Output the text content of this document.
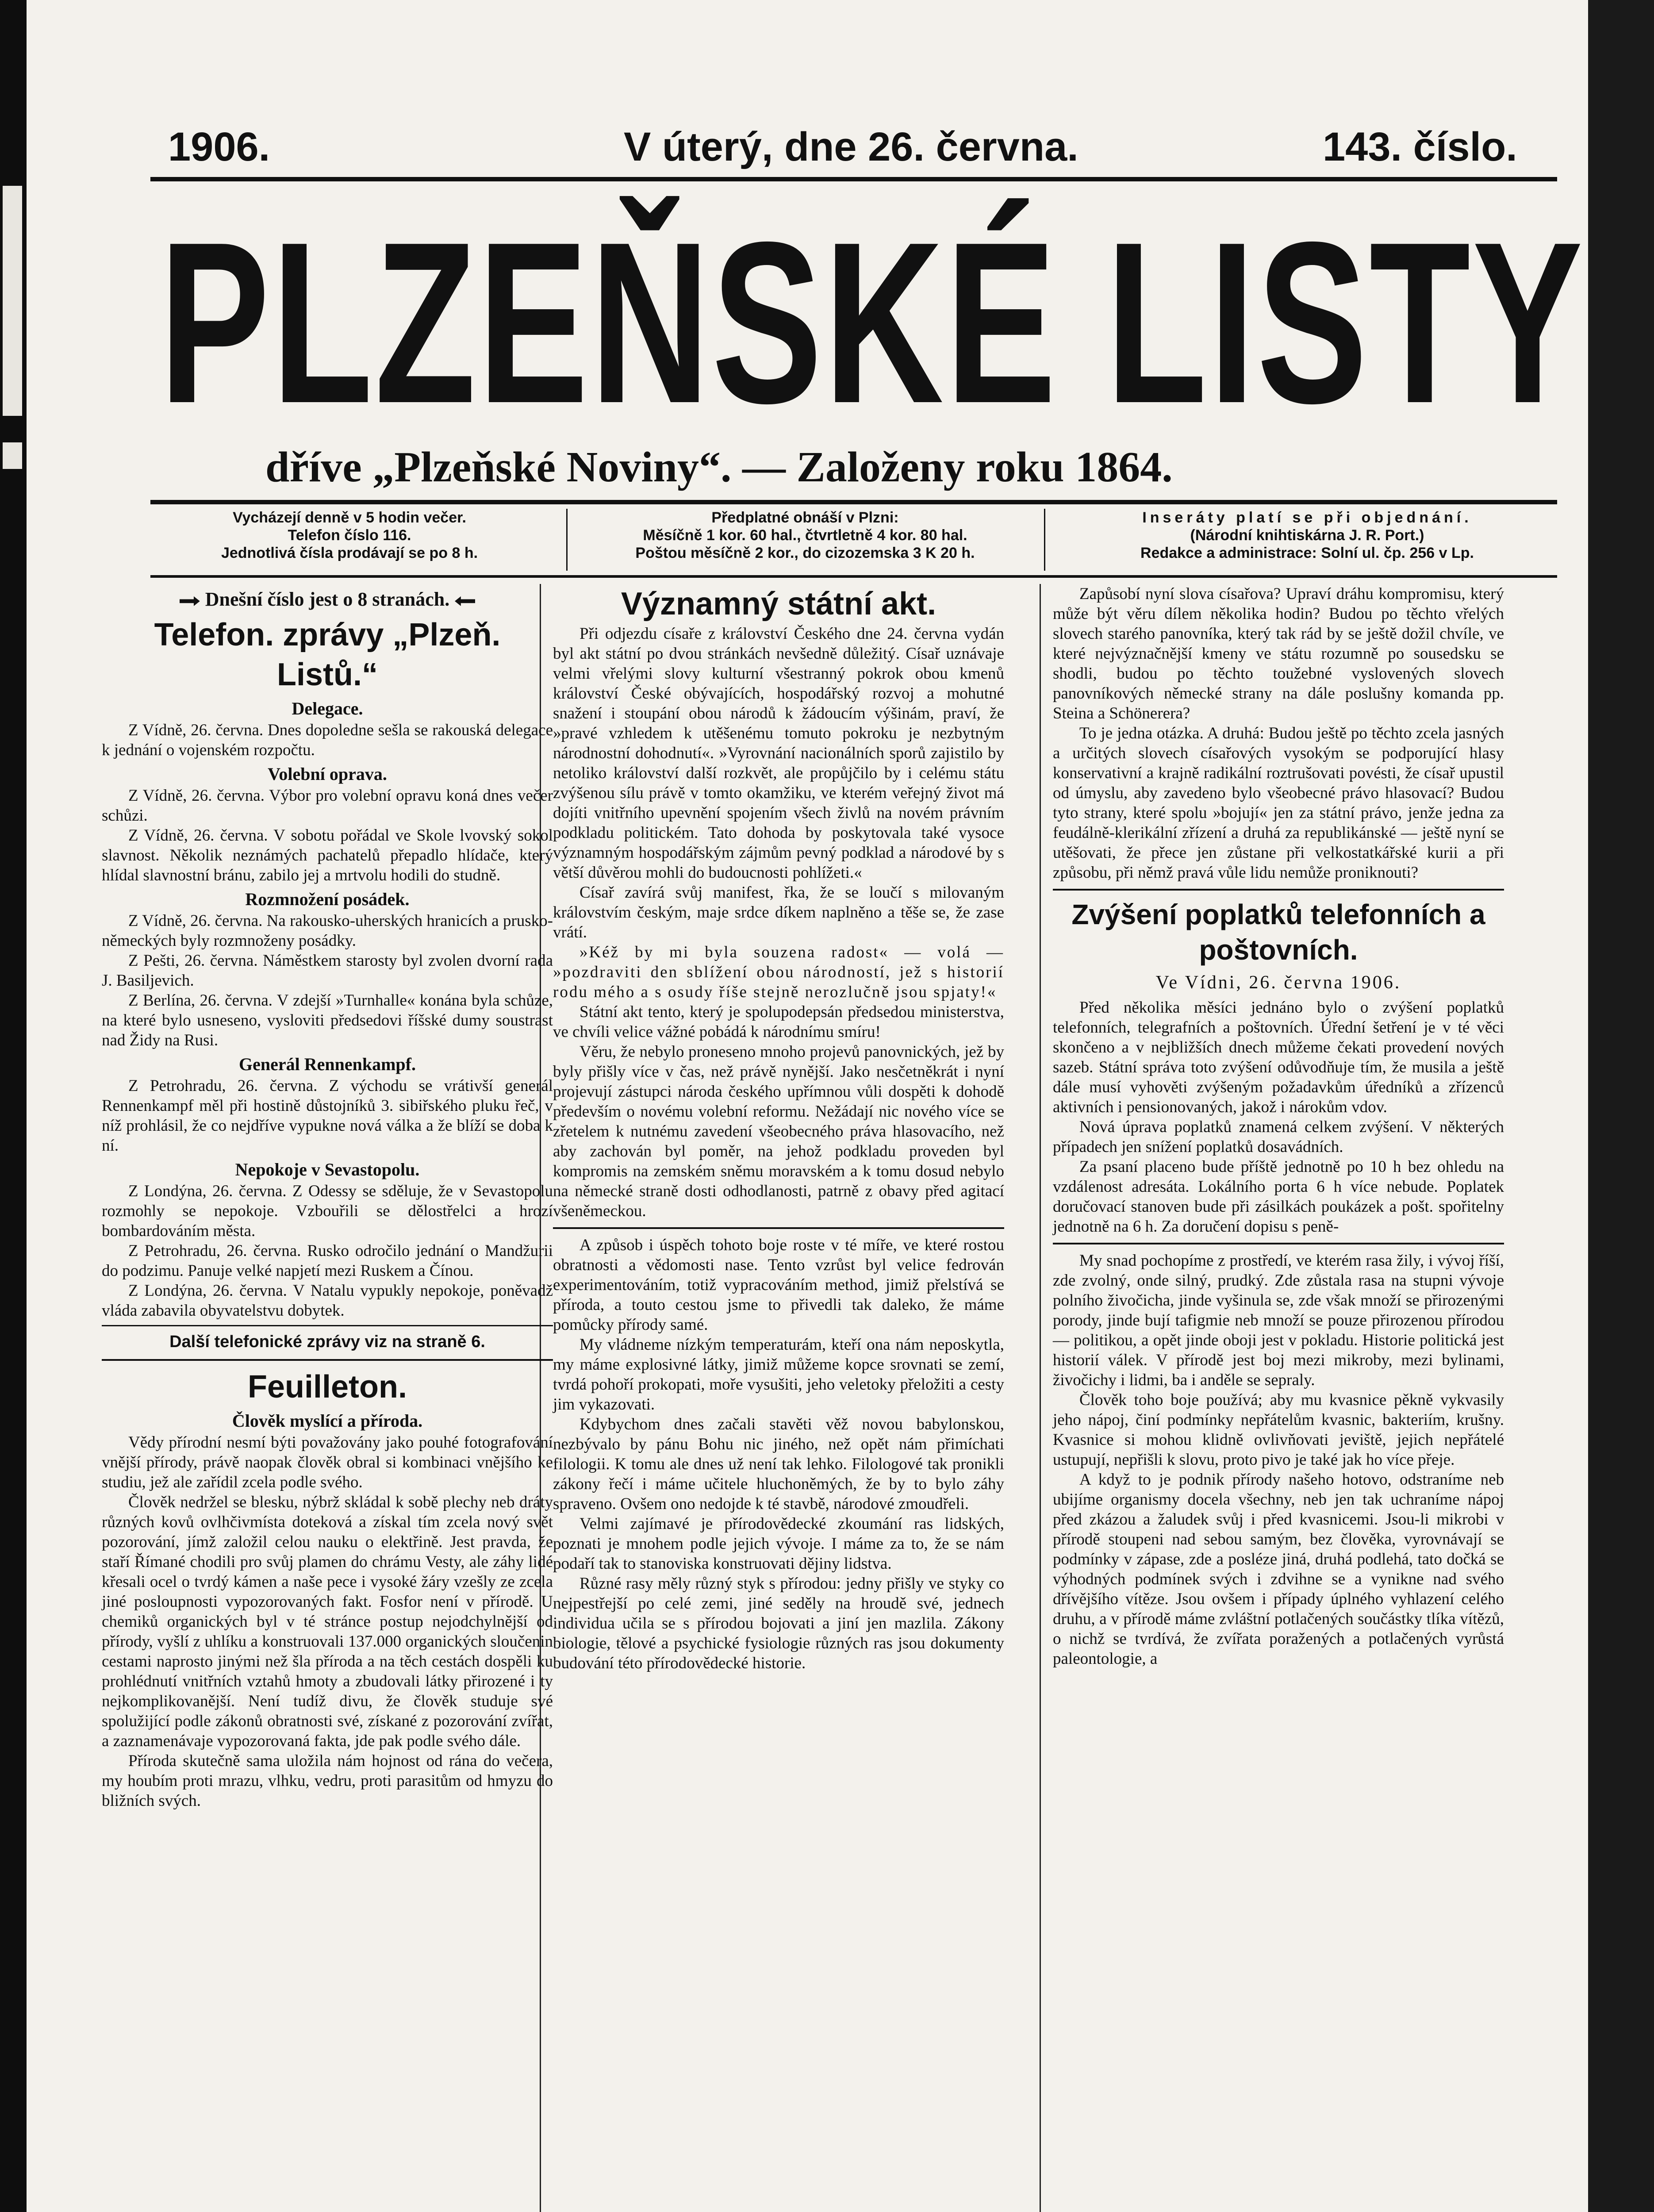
1906.	V úterý, dne 26. června.	143. číslo.
PLZEŇSKÉ LISTY
dříve „Plzeňské Noviny“. — Založeny roku 1864.
Vycházejí denně v 5 hodin večer.
Telefon číslo 116.
Jednotlivá čísla prodávají se po 8 h.
Předplatné obnáší v Plzni:
Měsíčně 1 kor. 60 hal., čtvrtletně 4 kor. 80 hal.
Poštou měsíčně 2 kor., do cizozemska 3 K 20 h.
Inseráty platí se při objednání.
(Národní knihtiskárna J. R. Port.)
Redakce a administrace: Solní ul. čp. 256 v Lp.
Dnešní číslo jest o 8 stranách.
Telefon. zprávy „Plzeň. Listů.“
Delegace.

Z Vídně, 26. června. Dnes dopoledne sešla se rakouská delegace k jednání o vojenském rozpočtu.

Volební oprava.

Z Vídně, 26. června. Výbor pro volební opravu koná dnes večer schůzi.

Z Vídně, 26. června. V sobotu pořádal ve Skole lvovský sokol slavnost. Několik neznámých pachatelů přepadlo hlídače, který hlídal slavnostní bránu, zabilo jej a mrtvolu hodili do studně.

Rozmnožení posádek.

Z Vídně, 26. června. Na rakousko-uherských hranicích a prusko-německých byly rozmnoženy posádky.

Z Pešti, 26. června. Náměstkem starosty byl zvolen dvorní rada J. Basiljevich.

Z Berlína, 26. června. V zdejší »Turnhalle« konána byla schůze, na které bylo usneseno, vysloviti předsedovi říšské dumy soustrast nad Židy na Rusi.

Generál Rennenkampf.

Z Petrohradu, 26. června. Z východu se vrátivší generál Rennenkampf měl při hostině důstojníků 3. sibiřského pluku řeč, v níž prohlásil, že co nejdříve vypukne nová válka a že blíží se doba k ní.

Nepokoje v Sevastopolu.

Z Londýna, 26. června. Z Odessy se sděluje, že v Sevastopolu rozmohly se nepokoje. Vzbouřili se dělostřelci a hrozí bombardováním města.

Z Petrohradu, 26. června. Rusko odročilo jednání o Mandžurii do podzimu. Panuje velké napjetí mezi Ruskem a Čínou.

Z Londýna, 26. června. V Natalu vypukly nepokoje, poněvadž vláda zabavila obyvatelstvu dobytek.

Další telefonické zprávy viz na straně 6.
Feuilleton.
Člověk myslící a příroda.

Vědy přírodní nesmí býti považovány jako pouhé fotografování vnější přírody, právě naopak člověk obral si kombinaci vnějšího ke studiu, jež ale zařídil zcela podle svého.

Člověk nedržel se blesku, nýbrž skládal k sobě plechy neb dráty různých kovů ovlhčivmísta doteková a získal tím zcela nový svět pozorování, jímž založil celou nauku o elektřině. Jest pravda, že staří Římané chodili pro svůj plamen do chrámu Vesty, ale záhy lidé křesali ocel o tvrdý kámen a naše pece i vysoké žáry vzešly ze zcela jiné posloupnosti vypozorovaných fakt. Fosfor není v přírodě. U chemiků organických byl v té stránce postup nejodchylnější od přírody, vyšlí z uhlíku a konstruovali 137.000 organických sloučenin cestami naprosto jinými než šla příroda a na těch cestách dospěli ku prohlédnutí vnitřních vztahů hmoty a zbudovali látky přirozené i ty nejkomplikovanější. Není tudíž divu, že člověk studuje své spolužijící podle zákonů obratnosti své, získané z pozorování zvířat, a zaznamenávaje vypozorovaná fakta, jde pak podle svého dále.

Příroda skutečně sama uložila nám hojnost od rána do večera, my houbím proti mrazu, vlhku, vedru, proti parasitům od hmyzu do bližních svých.

Významný státní akt.

Při odjezdu císaře z království Českého dne 24. června vydán byl akt státní po dvou stránkách nevšedně důležitý. Císař uznávaje velmi vřelými slovy kulturní všestranný pokrok obou kmenů království České obývajících, hospodářský rozvoj a mohutné snažení i stoupání obou národů k žádoucím výšinám, praví, že »pravé vzhledem k utěšenému tomuto pokroku je nezbytným národnostní dohodnutí«. »Vyrovnání nacionálních sporů zajistilo by netoliko království další rozkvět, ale propůjčilo by i celému státu zvýšenou sílu právě v tomto okamžiku, ve kterém veřejný život má dojíti vnitřního upevnění spojením všech živlů na novém právním podkladu politickém. Tato dohoda by poskytovala také vysoce významným hospodářským zájmům pevný podklad a národové by s větší důvěrou mohli do budoucnosti pohlížeti.«

Císař zavírá svůj manifest, řka, že se loučí s milovaným královstvím českým, maje srdce díkem naplněno a těše se, že zase vrátí.

»Kéž by mi byla souzena radost« — volá — »pozdraviti den sblížení obou národností, jež s historií rodu mého a s osudy říše stejně nerozlučně jsou spjaty!«

Státní akt tento, který je spolupodepsán předsedou ministerstva, ve chvíli velice vážné pobádá k národnímu smíru!

Věru, že nebylo proneseno mnoho projevů panovnických, jež by byly přišly více v čas, než právě nynější. Jako nesčetněkrát i nyní projevují zástupci národa českého upřímnou vůli dospěti k dohodě především o novému volební reformu. Nežádají nic nového více se zřetelem k nutnému zavedení všeobecného práva hlasovacího, než aby zachován byl poměr, na jehož podkladu proveden byl kompromis na zemském sněmu moravském a k tomu dosud nebylo na německé straně dosti odhodlanosti, patrně z obavy před agitací všeněmeckou.

A způsob i úspěch tohoto boje roste v té míře, ve které rostou obratnosti a vědomosti nase. Tento vzrůst byl velice fedrován experimentováním, totiž vypracováním method, jimiž přelstívá se příroda, a touto cestou jsme to přivedli tak daleko, že máme pomůcky přírody samé.

My vládneme nízkým temperaturám, kteří ona nám neposkytla, my máme explosivné látky, jimiž můžeme kopce srovnati se zemí, tvrdá pohoří prokopati, moře vysušiti, jeho veletoky přeložiti a cesty jim vykazovati.

Kdybychom dnes začali stavěti věž novou babylonskou, nezbývalo by pánu Bohu nic jiného, než opět nám přimíchati filologii. K tomu ale dnes už není tak lehko. Filologové tak pronikli zákony řečí i máme učitele hluchoněmých, že by to bylo záhy spraveno. Ovšem ono nedojde k té stavbě, národové zmoudřeli.

Velmi zajímavé je přírodovědecké zkoumání ras lidských, poznati je mnohem podle jejich vývoje. I máme za to, že se nám podaří tak to stanoviska konstruovati dějiny lidstva.

Různé rasy měly různý styk s přírodou: jedny přišly ve styky co nejpestřejší po celé zemi, jiné seděly na hroudě své, jednech individua učila se s přírodou bojovati a jiní jen mazlila. Zákony biologie, tělové a psychické fysiologie různých ras jsou dokumenty budování této přírodovědecké historie.

Zapůsobí nyní slova císařova? Upraví dráhu kompromisu, který může být věru dílem několika hodin? Budou po těchto vřelých slovech starého panovníka, který tak rád by se ještě dožil chvíle, ve které nejvýznačnější kmeny ve státu rozumně po sousedsku se shodli, budou po těchto toužebné vyslovených slovech panovníkových německé strany na dále poslušny komanda pp. Steina a Schönerera?

To je jedna otázka. A druhá: Budou ještě po těchto zcela jasných a určitých slovech císařových vysokým se podporující hlasy konservativní a krajně radikální roztrušovati povésti, že císař upustil od úmyslu, aby zavedeno bylo všeobecné právo hlasovací? Budou tyto strany, které spolu »bojují« jen za státní právo, jenže jedna za feudálně-klerikální zřízení a druhá za republikánské — ještě nyní se utěšovati, že přece jen zůstane při velkostatkářské kurii a při způsobu, při němž pravá vůle lidu nemůže proniknouti?

Zvýšení poplatků telefonních a poštovních.
Ve Vídni, 26. června 1906.

Před několika měsíci jednáno bylo o zvýšení poplatků telefonních, telegrafních a poštovních. Úřední šetření je v té věci skončeno a v nejbližších dnech můžeme čekati provedení nových sazeb. Státní správa toto zvýšení odůvodňuje tím, že musila a ještě dále musí vyhověti zvýšeným požadavkům úředníků a zřízenců aktivních i pensionovaných, jakož i nárokům vdov.

Nová úprava poplatků znamená celkem zvýšení. V některých případech jen snížení poplatků dosavádních.

Za psaní placeno bude příště jednotně po 10 h bez ohledu na vzdálenost adresáta. Lokálního porta 6 h více nebude. Poplatek doručovací stanoven bude při zásilkách poukázek a pošt. spořitelny jednotně na 6 h. Za doručení dopisu s peně-

My snad pochopíme z prostředí, ve kterém rasa žily, i vývoj říší, zde zvolný, onde silný, prudký. Zde zůstala rasa na stupni vývoje polního živočicha, jinde vyšinula se, zde však množí se přirozenými porody, jinde bují tafigmie neb množí se pouze přirozenou přírodou — politikou, a opět jinde oboji jest v pokladu. Historie politická jest historií válek. V přírodě jest boj mezi mikroby, mezi bylinami, živočichy i lidmi, ba i anděle se sepraly.

Člověk toho boje používá; aby mu kvasnice pěkně vykvasily jeho nápoj, činí podmínky nepřátelům kvasnic, bakteriím, krušny. Kvasnice si mohou klidně ovlivňovati jeviště, jejich nepřátelé ustupují, nepřišli k slovu, proto pivo je také jak ho více přeje.

A když to je podnik přírody našeho hotovo, odstraníme neb ubijíme organismy docela všechny, neb jen tak uchraníme nápoj před zkázou a žaludek svůj i před kvasnicemi. Jsou-li mikrobi v přírodě stoupeni nad sebou samým, bez člověka, vyrovnávají se podmínky v zápase, zde a posléze jiná, druhá podlehá, tato dočká se výhodných podmínek svých i zdvihne se a vynikne nad svého dřívějšího vítěze. Jsou ovšem i případy úplného vyhlazení celého druhu, a v přírodě máme zvláštní potlačených součástky tlíka vítězů, o nichž se tvrdívá, že zvířata poražených a potlačených vyrůstá paleontologie, a
